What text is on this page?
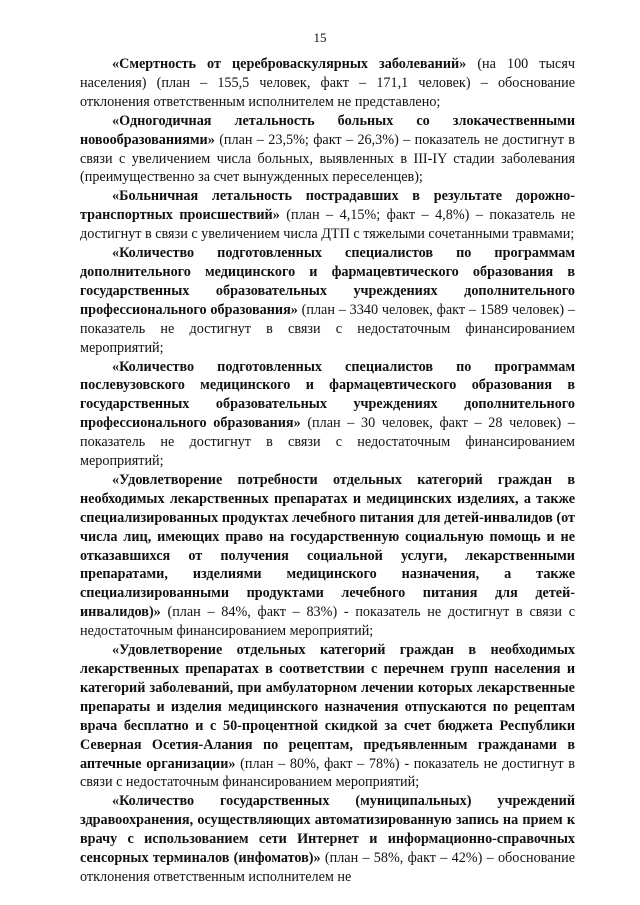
15

«Смертность от цереброваскулярных заболеваний» (на 100 тысяч населения) (план – 155,5 человек, факт – 171,1 человек) – обоснование отклонения ответственным исполнителем не представлено;

«Одногодичная летальность больных со злокачественными новообразованиями» (план – 23,5%; факт – 26,3%) – показатель не достигнут в связи с увеличением числа больных, выявленных в III-IY стадии заболевания (преимущественно за счет вынужденных переселенцев);

«Больничная летальность пострадавших в результате дорожно-транспортных происшествий» (план – 4,15%; факт – 4,8%) – показатель не достигнут в связи с увеличением числа ДТП с тяжелыми сочетанными травмами;

«Количество подготовленных специалистов по программам дополнительного медицинского и фармацевтического образования в государственных образовательных учреждениях дополнительного профессионального образования» (план – 3340 человек, факт – 1589 человек) – показатель не достигнут в связи с недостаточным финансированием мероприятий;

«Количество подготовленных специалистов по программам послевузовского медицинского и фармацевтического образования в государственных образовательных учреждениях дополнительного профессионального образования» (план – 30 человек, факт – 28 человек) – показатель не достигнут в связи с недостаточным финансированием мероприятий;

«Удовлетворение потребности отдельных категорий граждан в необходимых лекарственных препаратах и медицинских изделиях, а также специализированных продуктах лечебного питания для детей-инвалидов (от числа лиц, имеющих право на государственную социальную помощь и не отказавшихся от получения социальной услуги, лекарственными препаратами, изделиями медицинского назначения, а также специализированными продуктами лечебного питания для детей-инвалидов)» (план – 84%, факт – 83%) - показатель не достигнут в связи с недостаточным финансированием мероприятий;

«Удовлетворение отдельных категорий граждан в необходимых лекарственных препаратах в соответствии с перечнем групп населения и категорий заболеваний, при амбулаторном лечении которых лекарственные препараты и изделия медицинского назначения отпускаются по рецептам врача бесплатно и с 50-процентной скидкой за счет бюджета Республики Северная Осетия-Алания по рецептам, предъявленным гражданами в аптечные организации» (план – 80%, факт – 78%) - показатель не достигнут в связи с недостаточным финансированием мероприятий;

«Количество государственных (муниципальных) учреждений здравоохранения, осуществляющих автоматизированную запись на прием к врачу с использованием сети Интернет и информационно-справочных сенсорных терминалов (инфоматов)» (план – 58%, факт – 42%) – обоснование отклонения ответственным исполнителем не
